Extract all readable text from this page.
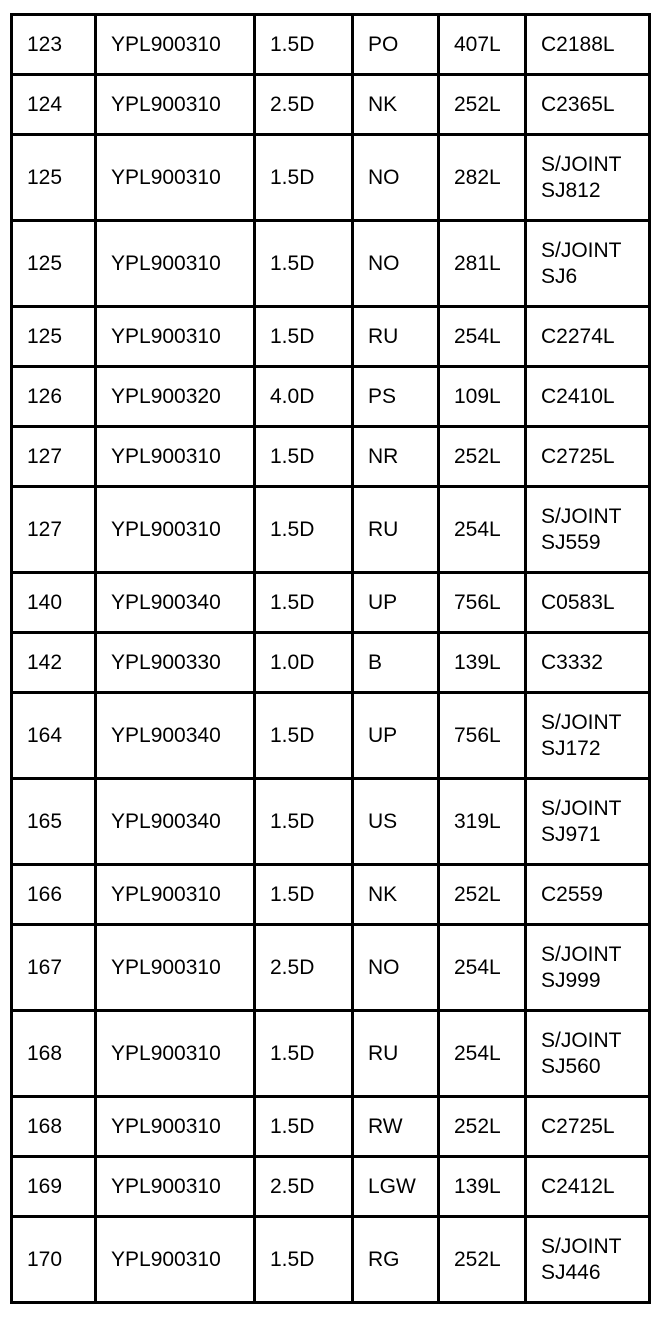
123	YPL900310	1.5D	PO	407L	C2188L
124	YPL900310	2.5D	NK	252L	C2365L
125	YPL900310	1.5D	NO	282L	S/JOINT
SJ812
125	YPL900310	1.5D	NO	281L	S/JOINT
SJ6
125	YPL900310	1.5D	RU	254L	C2274L
126	YPL900320	4.0D	PS	109L	C2410L
127	YPL900310	1.5D	NR	252L	C2725L
127	YPL900310	1.5D	RU	254L	S/JOINT
SJ559
140	YPL900340	1.5D	UP	756L	C0583L
142	YPL900330	1.0D	B	139L	C3332
164	YPL900340	1.5D	UP	756L	S/JOINT
SJ172
165	YPL900340	1.5D	US	319L	S/JOINT
SJ971
166	YPL900310	1.5D	NK	252L	C2559
167	YPL900310	2.5D	NO	254L	S/JOINT
SJ999
168	YPL900310	1.5D	RU	254L	S/JOINT
SJ560
168	YPL900310	1.5D	RW	252L	C2725L
169	YPL900310	2.5D	LGW	139L	C2412L
170	YPL900310	1.5D	RG	252L	S/JOINT
SJ446
